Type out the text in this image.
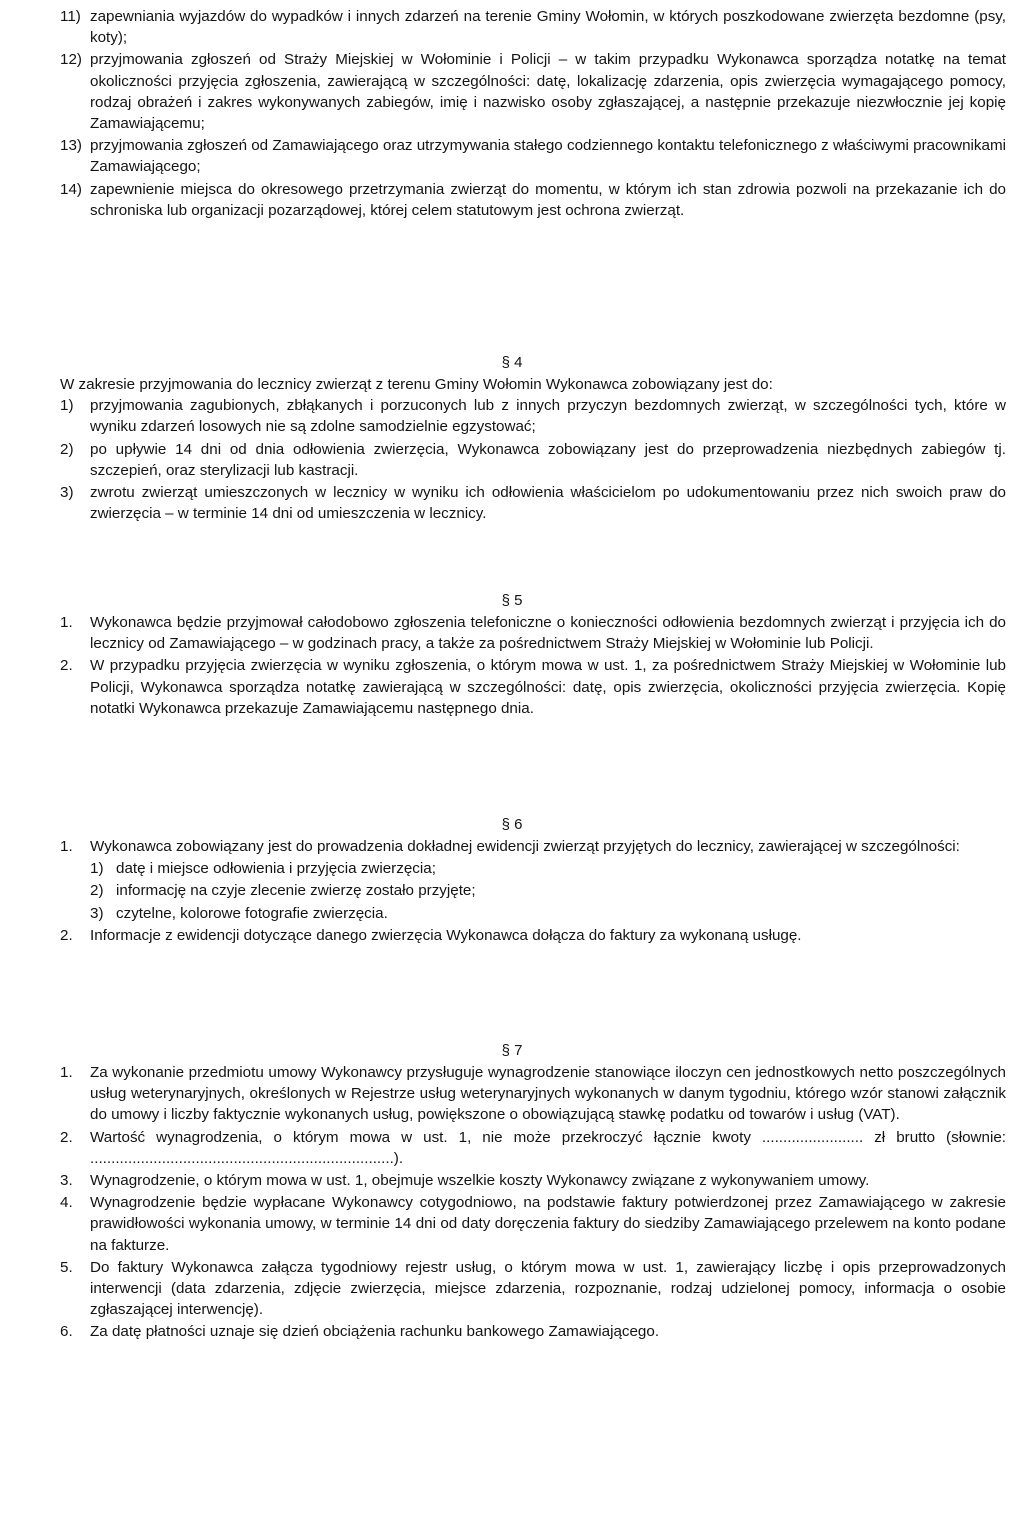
11) zapewniania wyjazdów do wypadków i innych zdarzeń na terenie Gminy Wołomin, w których poszkodowane zwierzęta bezdomne (psy, koty);
12) przyjmowania zgłoszeń od Straży Miejskiej w Wołominie i Policji – w takim przypadku Wykonawca sporządza notatkę na temat okoliczności przyjęcia zgłoszenia, zawierającą w szczególności: datę, lokalizację zdarzenia, opis zwierzęcia wymagającego pomocy, rodzaj obrażeń i zakres wykonywanych zabiegów, imię i nazwisko osoby zgłaszającej, a następnie przekazuje niezwłocznie jej kopię Zamawiającemu;
13) przyjmowania zgłoszeń od Zamawiającego oraz utrzymywania stałego codziennego kontaktu telefonicznego z właściwymi pracownikami Zamawiającego;
14) zapewnienie miejsca do okresowego przetrzymania zwierząt do momentu, w którym ich stan zdrowia pozwoli na przekazanie ich do schroniska lub organizacji pozarządowej, której celem statutowym jest ochrona zwierząt.
§ 4

W zakresie przyjmowania do lecznicy zwierząt z terenu Gminy Wołomin Wykonawca zobowiązany jest do:

1)	przyjmowania zagubionych, zbłąkanych i porzuconych lub z innych przyczyn bezdomnych zwierząt, w szczególności tych, które w wyniku zdarzeń losowych nie są zdolne samodzielnie egzystować;
2)	po upływie 14 dni od dnia odłowienia zwierzęcia, Wykonawca zobowiązany jest do przeprowadzenia niezbędnych zabiegów tj. szczepień, oraz sterylizacji lub kastracji.
3)	zwrotu zwierząt umieszczonych w lecznicy w wyniku ich odłowienia właścicielom po udokumentowaniu przez nich swoich praw do zwierzęcia – w terminie 14 dni od umieszczenia w lecznicy.
§ 5
1.	Wykonawca będzie przyjmował całodobowo zgłoszenia telefoniczne o konieczności odłowienia bezdomnych zwierząt i przyjęcia ich do lecznicy od Zamawiającego – w godzinach pracy, a także za pośrednictwem Straży Miejskiej w Wołominie lub Policji.
2.	W przypadku przyjęcia zwierzęcia w wyniku zgłoszenia, o którym mowa w ust. 1, za pośrednictwem Straży Miejskiej w Wołominie lub Policji, Wykonawca sporządza notatkę zawierającą w szczególności: datę, opis zwierzęcia, okoliczności przyjęcia zwierzęcia. Kopię notatki Wykonawca przekazuje Zamawiającemu następnego dnia.
§ 6
1.	Wykonawca zobowiązany jest do prowadzenia dokładnej ewidencji zwierząt przyjętych do lecznicy, zawierającej w szczególności:
1) datę i miejsce odłowienia i przyjęcia zwierzęcia;
2) informację na czyje zlecenie zwierzę zostało przyjęte;
3) czytelne, kolorowe fotografie zwierzęcia.
2.	Informacje z ewidencji dotyczące danego zwierzęcia Wykonawca dołącza do faktury za wykonaną usługę.
§ 7
1.	Za wykonanie przedmiotu umowy Wykonawcy przysługuje wynagrodzenie stanowiące iloczyn cen jednostkowych netto poszczególnych usług weterynaryjnych, określonych w Rejestrze usług weterynaryjnych wykonanych w danym tygodniu, którego wzór stanowi załącznik do umowy i liczby faktycznie wykonanych usług, powiększone o obowiązującą stawkę podatku od towarów i usług (VAT).
2.	Wartość wynagrodzenia, o którym mowa w ust. 1, nie może przekroczyć łącznie kwoty ........................ zł brutto (słownie: ........................................................................).
3.	Wynagrodzenie, o którym mowa w ust. 1, obejmuje wszelkie koszty Wykonawcy związane z wykonywaniem umowy.
4.	Wynagrodzenie będzie wypłacane Wykonawcy cotygodniowo, na podstawie faktury potwierdzonej przez Zamawiającego w zakresie prawidłowości wykonania umowy, w terminie 14 dni od daty doręczenia faktury do siedziby Zamawiającego przelewem na konto podane na fakturze.
5.	Do faktury Wykonawca załącza tygodniowy rejestr usług, o którym mowa w ust. 1, zawierający liczbę i opis przeprowadzonych interwencji (data zdarzenia, zdjęcie zwierzęcia, miejsce zdarzenia, rozpoznanie, rodzaj udzielonej pomocy, informacja o osobie zgłaszającej interwencję).
6.	Za datę płatności uznaje się dzień obciążenia rachunku bankowego Zamawiającego.
